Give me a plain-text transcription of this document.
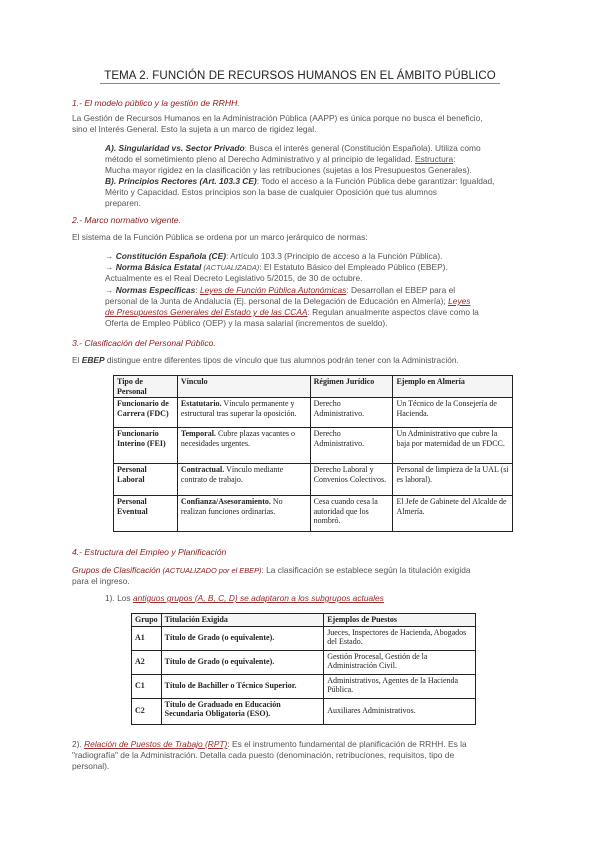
TEMA 2. FUNCIÓN DE RECURSOS HUMANOS EN EL ÁMBITO PÚBLICO
1.- El modelo público y la gestión de RRHH.
La Gestión de Recursos Humanos en la Administración Pública (AAPP) es única porque no busca el beneficio,
sino el Interés General. Esto la sujeta a un marco de rigidez legal.
A). Singularidad vs. Sector Privado: Busca el interés general (Constitución Española). Utiliza como
método el sometimiento pleno al Derecho Administrativo y al principio de legalidad. Estructura:
Mucha mayor rigidez en la clasificación y las retribuciones (sujetas a los Presupuestos Generales).
B). Principios Rectores (Art. 103.3 CE): Todo el acceso a la Función Pública debe garantizar: Igualdad,
Mérito y Capacidad. Estos principios son la base de cualquier Oposición que tus alumnos
preparen.
2.- Marco normativo vigente.
El sistema de la Función Pública se ordena por un marco jerárquico de normas:
→ Constitución Española (CE): Artículo 103.3 (Principio de acceso a la Función Pública).
→ Norma Básica Estatal (ACTUALIZADA): El Estatuto Básico del Empleado Público (EBEP).
Actualmente es el Real Decreto Legislativo 5/2015, de 30 de octubre.
→ Normas Específicas: Leyes de Función Pública Autonómicas: Desarrollan el EBEP para el
personal de la Junta de Andalucía (Ej. personal de la Delegación de Educación en Almería); Leyes
de Presupuestos Generales del Estado y de las CCAA: Regulan anualmente aspectos clave como la
Oferta de Empleo Público (OEP) y la masa salarial (incrementos de sueldo).
3.- Clasificación del Personal Público.
El EBEP distingue entre diferentes tipos de vínculo que tus alumnos podrán tener con la Administración.
Tipo de Personal	Vínculo	Régimen Jurídico	Ejemplo en Almería
Funcionario de Carrera (FDC)	Estatutario. Vínculo permanente y estructural tras superar la oposición.	Derecho Administrativo.	Un Técnico de la Consejería de Hacienda.
Funcionario Interino (FEI)	Temporal. Cubre plazas vacantes o necesidades urgentes.	Derecho Administrativo.	Un Administrativo que cubre la baja por maternidad de un FDCC.
Personal Laboral	Contractual. Vínculo mediante contrato de trabajo.	Derecho Laboral y Convenios Colectivos.	Personal de limpieza de la UAL (si es laboral).
Personal Eventual	Confianza/Asesoramiento. No realizan funciones ordinarias.	Cesa cuando cesa la autoridad que los nombró.	El Jefe de Gabinete del Alcalde de Almería.
4.- Estructura del Empleo y Planificación
Grupos de Clasificación (ACTUALIZADO por el EBEP): La clasificación se establece según la titulación exigida
para el ingreso.
1). Los antiguos grupos (A, B, C, D) se adaptaron a los subgrupos actuales
Grupo	Titulación Exigida	Ejemplos de Puestos
A1	Título de Grado (o equivalente).	Jueces, Inspectores de Hacienda, Abogados del Estado.
A2	Título de Grado (o equivalente).	Gestión Procesal, Gestión de la Administración Civil.
C1	Título de Bachiller o Técnico Superior.	Administrativos, Agentes de la Hacienda Pública.
C2	Título de Graduado en Educación Secundaria Obligatoria (ESO).	Auxiliares Administrativos.
2). Relación de Puestos de Trabajo (RPT): Es el instrumento fundamental de planificación de RRHH. Es la
"radiografía" de la Administración. Detalla cada puesto (denominación, retribuciones, requisitos, tipo de
personal).
